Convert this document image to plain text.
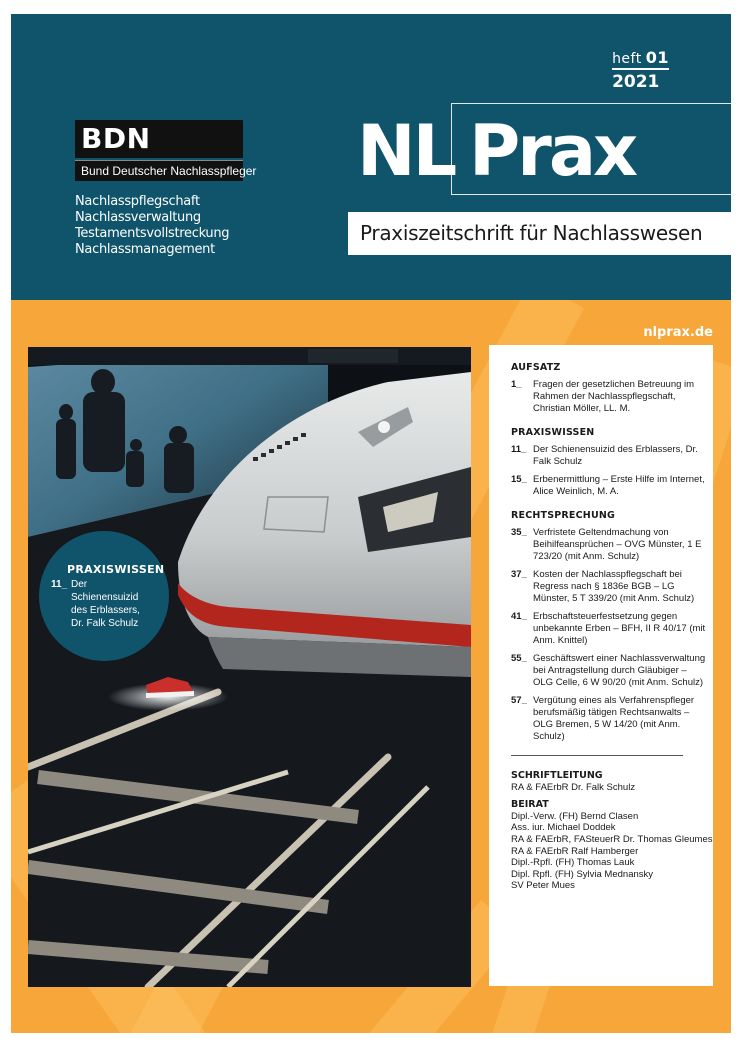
heft 01
2021
BDN
Bund Deutscher Nachlasspfleger
Nachlasspflegschaft
Nachlassverwaltung
Testamentsvollstreckung
Nachlassmanagement
NL Prax
Praxiszeitschrift für Nachlasswesen
nlprax.de
PRAXISWISSEN
11_ Der Schienensuizid des Erblassers, Dr. Falk Schulz
AUFSATZ
1_	Fragen der gesetzlichen Betreuung im Rahmen der Nachlasspflegschaft, Christian Möller, LL. M.
PRAXISWISSEN
11_ Der Schienensuizid des Erblassers, Dr. Falk Schulz
15_ Erbenermittlung – Erste Hilfe im Internet, Alice Weinlich, M. A.
RECHTSPRECHUNG
35_ Verfristete Geltendmachung von Beihilfeansprüchen – OVG Münster, 1 E 723/20 (mit Anm. Schulz)
37_ Kosten der Nachlasspflegschaft bei Regress nach § 1836e BGB – LG Münster, 5 T 339/20 (mit Anm. Schulz)
41_ Erbschaftsteuerfestsetzung gegen unbekannte Erben – BFH, II R 40/17 (mit Anm. Knittel)
55_ Geschäftswert einer Nachlassverwaltung bei Antragstellung durch Gläubiger – OLG Celle, 6 W 90/20 (mit Anm. Schulz)
57_ Vergütung eines als Verfahrenspfleger berufsmäßig tätigen Rechtsanwalts – OLG Bremen, 5 W 14/20 (mit Anm. Schulz)
SCHRIFTLEITUNG
RA & FAErbR Dr. Falk Schulz
BEIRAT
Dipl.-Verw. (FH) Bernd Clasen
Ass. iur. Michael Doddek
RA & FAErbR, FASteuerR Dr. Thomas Gleumes
RA & FAErbR Ralf Hamberger
Dipl.-Rpfl. (FH) Thomas Lauk
Dipl. Rpfl. (FH) Sylvia Mednansky
SV Peter Mues
